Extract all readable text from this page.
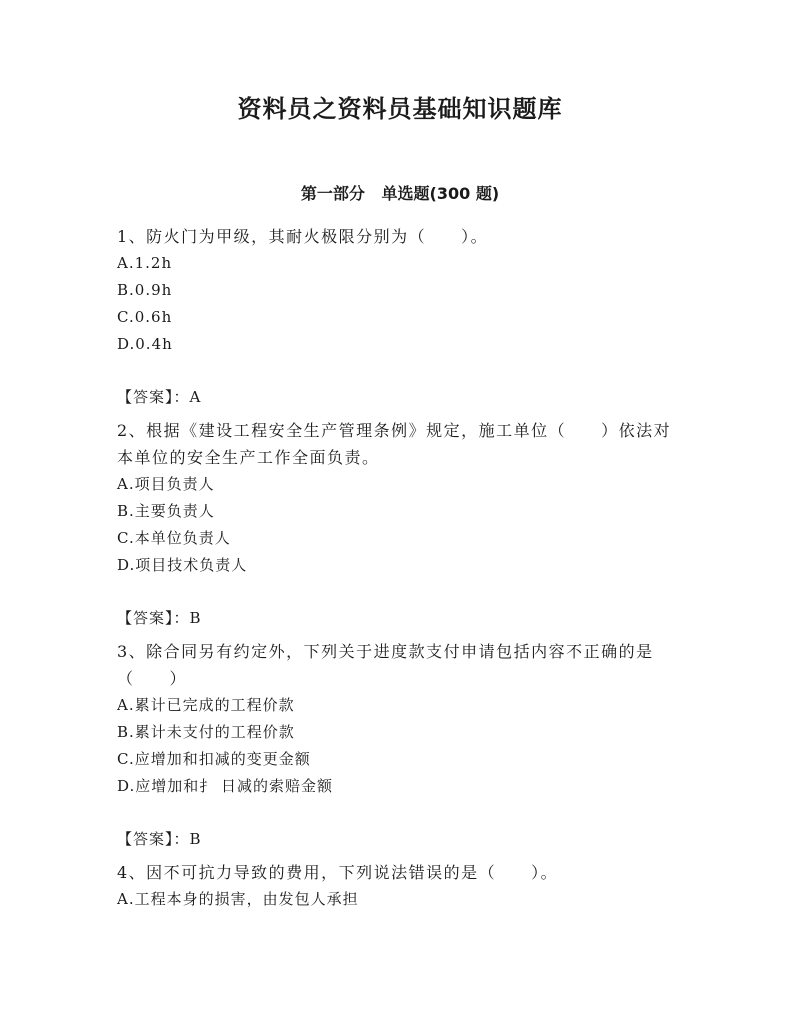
资料员之资料员基础知识题库
第一部分   单选题(300 题)

1、防火门为甲级，其耐火极限分别为（　　）。

A.1.2h

B.0.9h

C.0.6h

D.0.4h

【答案】：A

2、根据《建设工程安全生产管理条例》规定，施工单位（　　）依法对本单位的安全生产工作全面负责。

A.项目负责人

B.主要负责人

C.本单位负责人

D.项目技术负责人

【答案】：B

3、除合同另有约定外，下列关于进度款支付申请包括内容不正确的是（　　）

A.累计已完成的工程价款

B.累计未支付的工程价款

C.应增加和扣减的变更金额

D.应增加和扌 日减的索赔金额

【答案】：B

4、因不可抗力导致的费用，下列说法错误的是（　　）。

A.工程本身的损害，由发包人承担
